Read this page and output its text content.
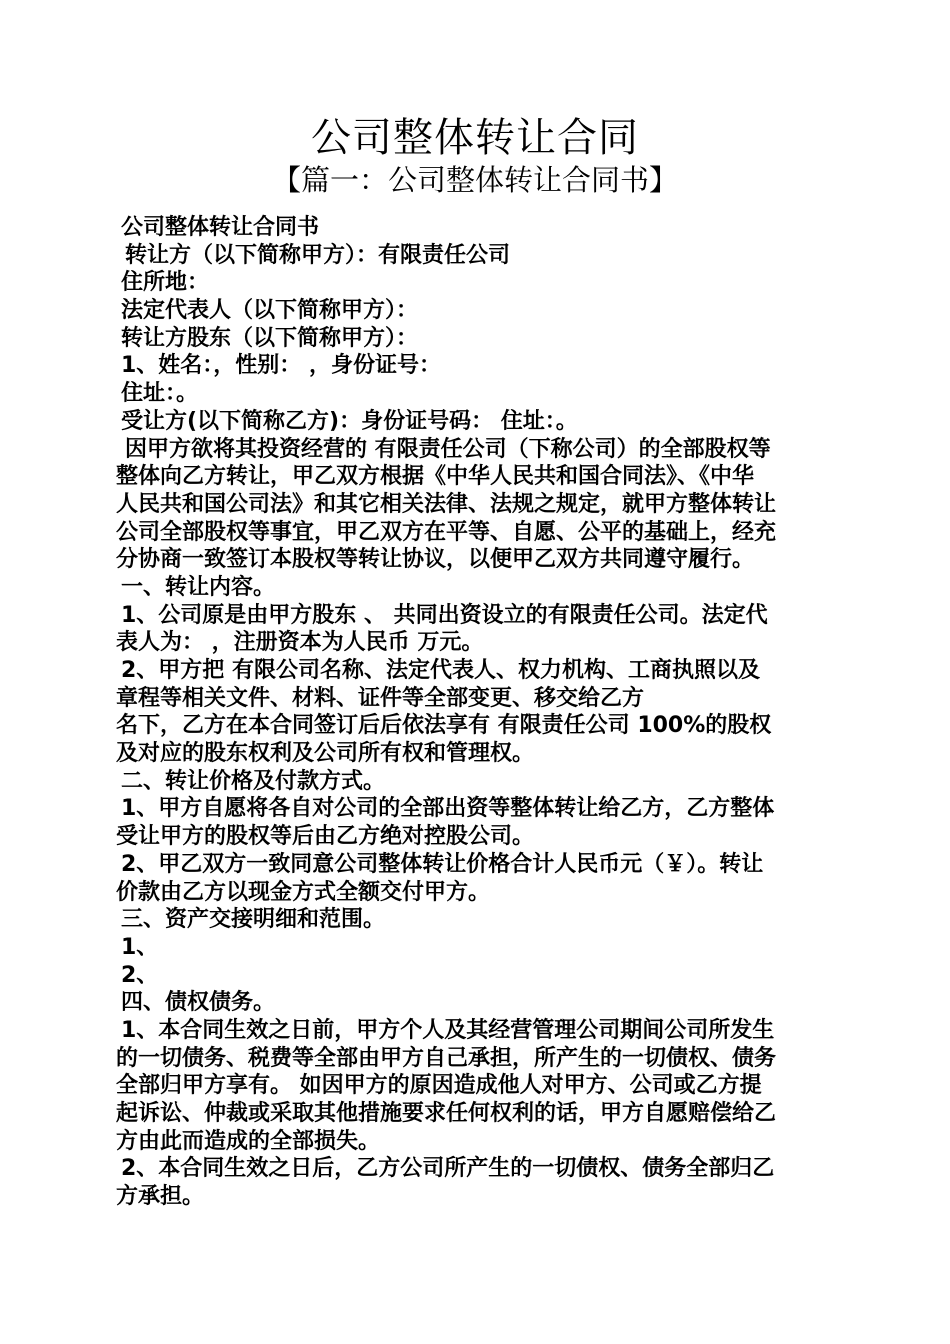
公司整体转让合同
【篇一：公司整体转让合同书】
公司整体转让合同书
转让方（以下简称甲方）：有限责任公司
住所地：
法定代表人（以下简称甲方）：
转让方股东（以下简称甲方）：
1、姓名：，性别： ，身份证号：
住址：。
受让方(以下简称乙方)：身份证号码： 住址：。
因甲方欲将其投资经营的 有限责任公司（下称公司）的全部股权等
整体向乙方转让，甲乙双方根据《中华人民共和国合同法》、《中华
人民共和国公司法》和其它相关法律、法规之规定，就甲方整体转让
公司全部股权等事宜，甲乙双方在平等、自愿、公平的基础上，经充
分协商一致签订本股权等转让协议，以便甲乙双方共同遵守履行。
一、转让内容。
1、公司原是由甲方股东 、 共同出资设立的有限责任公司。法定代
表人为： ，注册资本为人民币 万元。
2、甲方把 有限公司名称、法定代表人、权力机构、工商执照以及
章程等相关文件、材料、证件等全部变更、移交给乙方
名下，乙方在本合同签订后后依法享有 有限责任公司 100%的股权
及对应的股东权利及公司所有权和管理权。
二、转让价格及付款方式。
1、甲方自愿将各自对公司的全部出资等整体转让给乙方，乙方整体
受让甲方的股权等后由乙方绝对控股公司。
2、甲乙双方一致同意公司整体转让价格合计人民币元（￥）。转让
价款由乙方以现金方式全额交付甲方。
三、资产交接明细和范围。
1、
2、
四、债权债务。
1、本合同生效之日前，甲方个人及其经营管理公司期间公司所发生
的一切债务、税费等全部由甲方自己承担，所产生的一切债权、债务
全部归甲方享有。 如因甲方的原因造成他人对甲方、公司或乙方提
起诉讼、仲裁或采取其他措施要求任何权利的话，甲方自愿赔偿给乙
方由此而造成的全部损失。
2、本合同生效之日后，乙方公司所产生的一切债权、债务全部归乙
方承担。
